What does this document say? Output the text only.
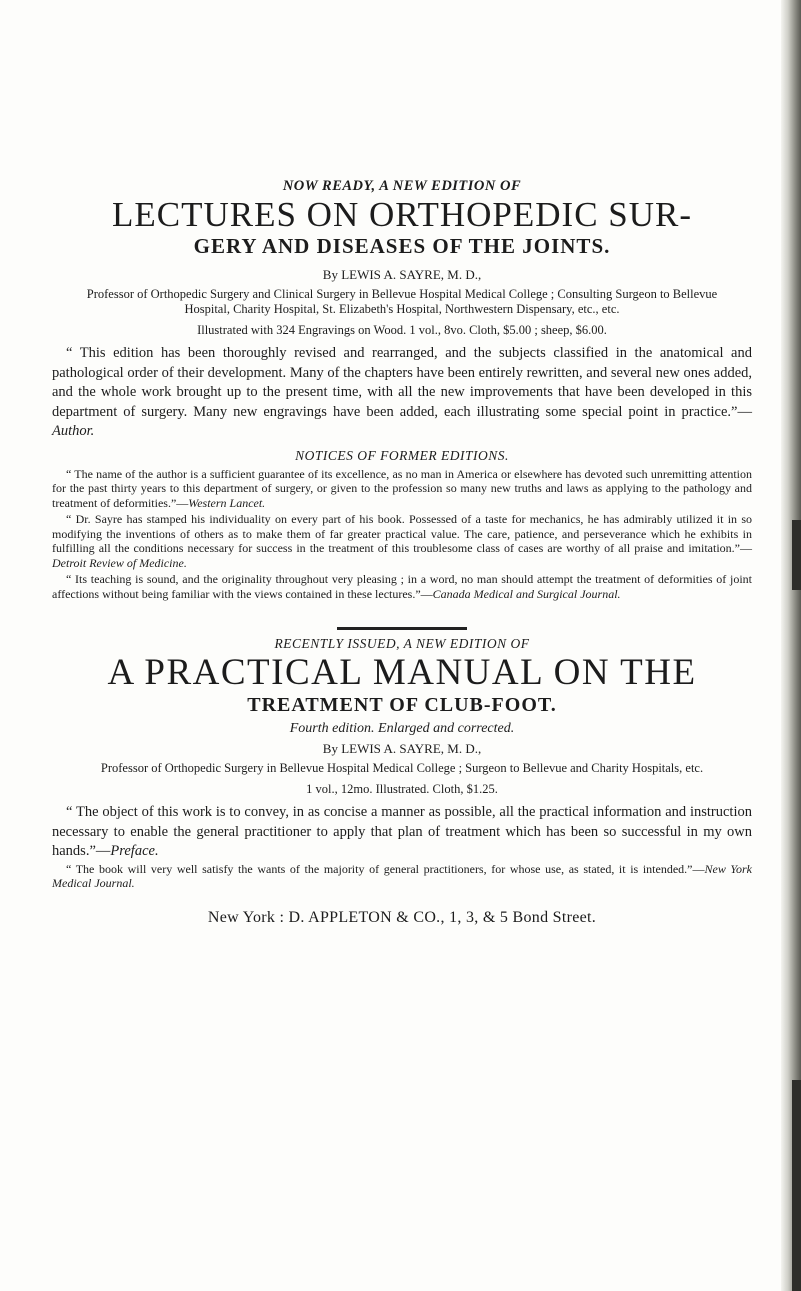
NOW READY, A NEW EDITION OF

LECTURES ON ORTHOPEDIC SUR-
GERY AND DISEASES OF THE JOINTS.

By LEWIS A. SAYRE, M. D.,

Professor of Orthopedic Surgery and Clinical Surgery in Bellevue Hospital Medical College ; Consulting Surgeon to Bellevue Hospital, Charity Hospital, St. Elizabeth's Hospital, Northwestern Dispensary, etc., etc.

Illustrated with 324 Engravings on Wood. 1 vol., 8vo. Cloth, $5.00 ; sheep, $6.00.

“ This edition has been thoroughly revised and rearranged, and the subjects classified in the anatomical and pathological order of their development. Many of the chapters have been entirely rewritten, and several new ones added, and the whole work brought up to the present time, with all the new improvements that have been developed in this department of surgery. Many new engravings have been added, each illustrating some special point in practice.”—Author.

NOTICES OF FORMER EDITIONS.

“ The name of the author is a sufficient guarantee of its excellence, as no man in America or elsewhere has devoted such unremitting attention for the past thirty years to this department of surgery, or given to the profession so many new truths and laws as applying to the pathology and treatment of deformities.”—Western Lancet.

“ Dr. Sayre has stamped his individuality on every part of his book. Possessed of a taste for mechanics, he has admirably utilized it in so modifying the inventions of others as to make them of far greater practical value. The care, patience, and perseverance which he exhibits in fulfilling all the conditions necessary for success in the treatment of this troublesome class of cases are worthy of all praise and imitation.”—Detroit Review of Medicine.

“ Its teaching is sound, and the originality throughout very pleasing ; in a word, no man should attempt the treatment of deformities of joint affections without being familiar with the views contained in these lectures.”—Canada Medical and Surgical Journal.

RECENTLY ISSUED, A NEW EDITION OF

A PRACTICAL MANUAL ON THE
TREATMENT OF CLUB-FOOT.

Fourth edition. Enlarged and corrected.

By LEWIS A. SAYRE, M. D.,

Professor of Orthopedic Surgery in Bellevue Hospital Medical College ; Surgeon to Bellevue and Charity Hospitals, etc.

1 vol., 12mo. Illustrated. Cloth, $1.25.

“ The object of this work is to convey, in as concise a manner as possible, all the practical information and instruction necessary to enable the general practitioner to apply that plan of treatment which has been so successful in my own hands.”—Preface.

“ The book will very well satisfy the wants of the majority of general practitioners, for whose use, as stated, it is intended.”—New York Medical Journal.

New York : D. APPLETON & CO., 1, 3, & 5 Bond Street.
